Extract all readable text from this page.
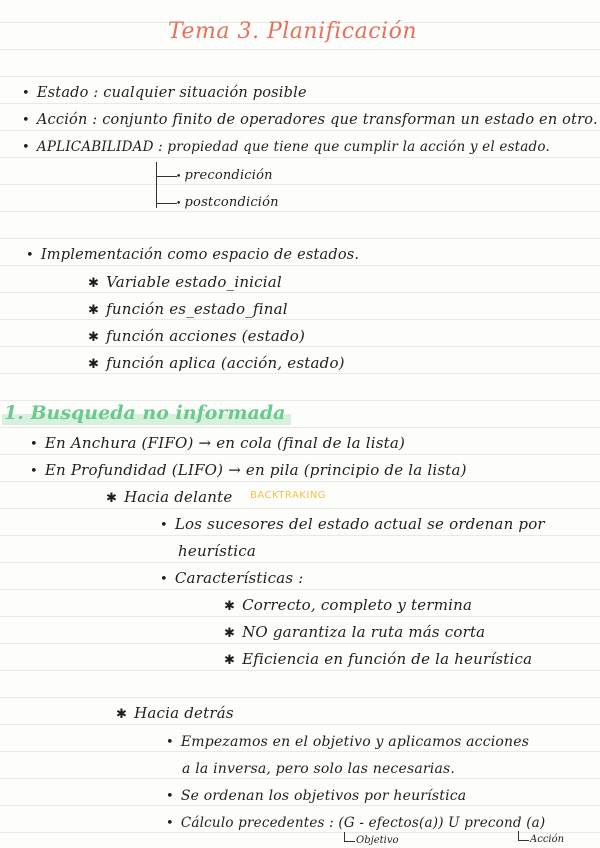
Tema 3. Planificación
• Estado : cualquier situación posible
• Acción : conjunto finito de operadores que transforman un estado en otro.
• APLICABILIDAD : propiedad que tiene que cumplir la acción y el estado.
• precondición
• postcondición
• Implementación como espacio de estados.
✱ Variable estado_inicial
✱ función es_estado_final
✱ función acciones (estado)
✱ función aplica (acción, estado)
1. Busqueda no informada
• En Anchura (FIFO) → en cola (final de la lista)
• En Profundidad (LIFO) → en pila (principio de la lista)
✱ Hacia delante BACKTRAKING
• Los sucesores del estado actual se ordenan por
heurística
• Características :
✱ Correcto, completo y termina
✱ NO garantiza la ruta más corta
✱ Eficiencia en función de la heurística
✱ Hacia detrás
• Empezamos en el objetivo y aplicamos acciones
a la inversa, pero solo las necesarias.
• Se ordenan los objetivos por heurística
• Cálculo precedentes : (G - efectos(a)) U precond (a)
Objetivo	Acción
